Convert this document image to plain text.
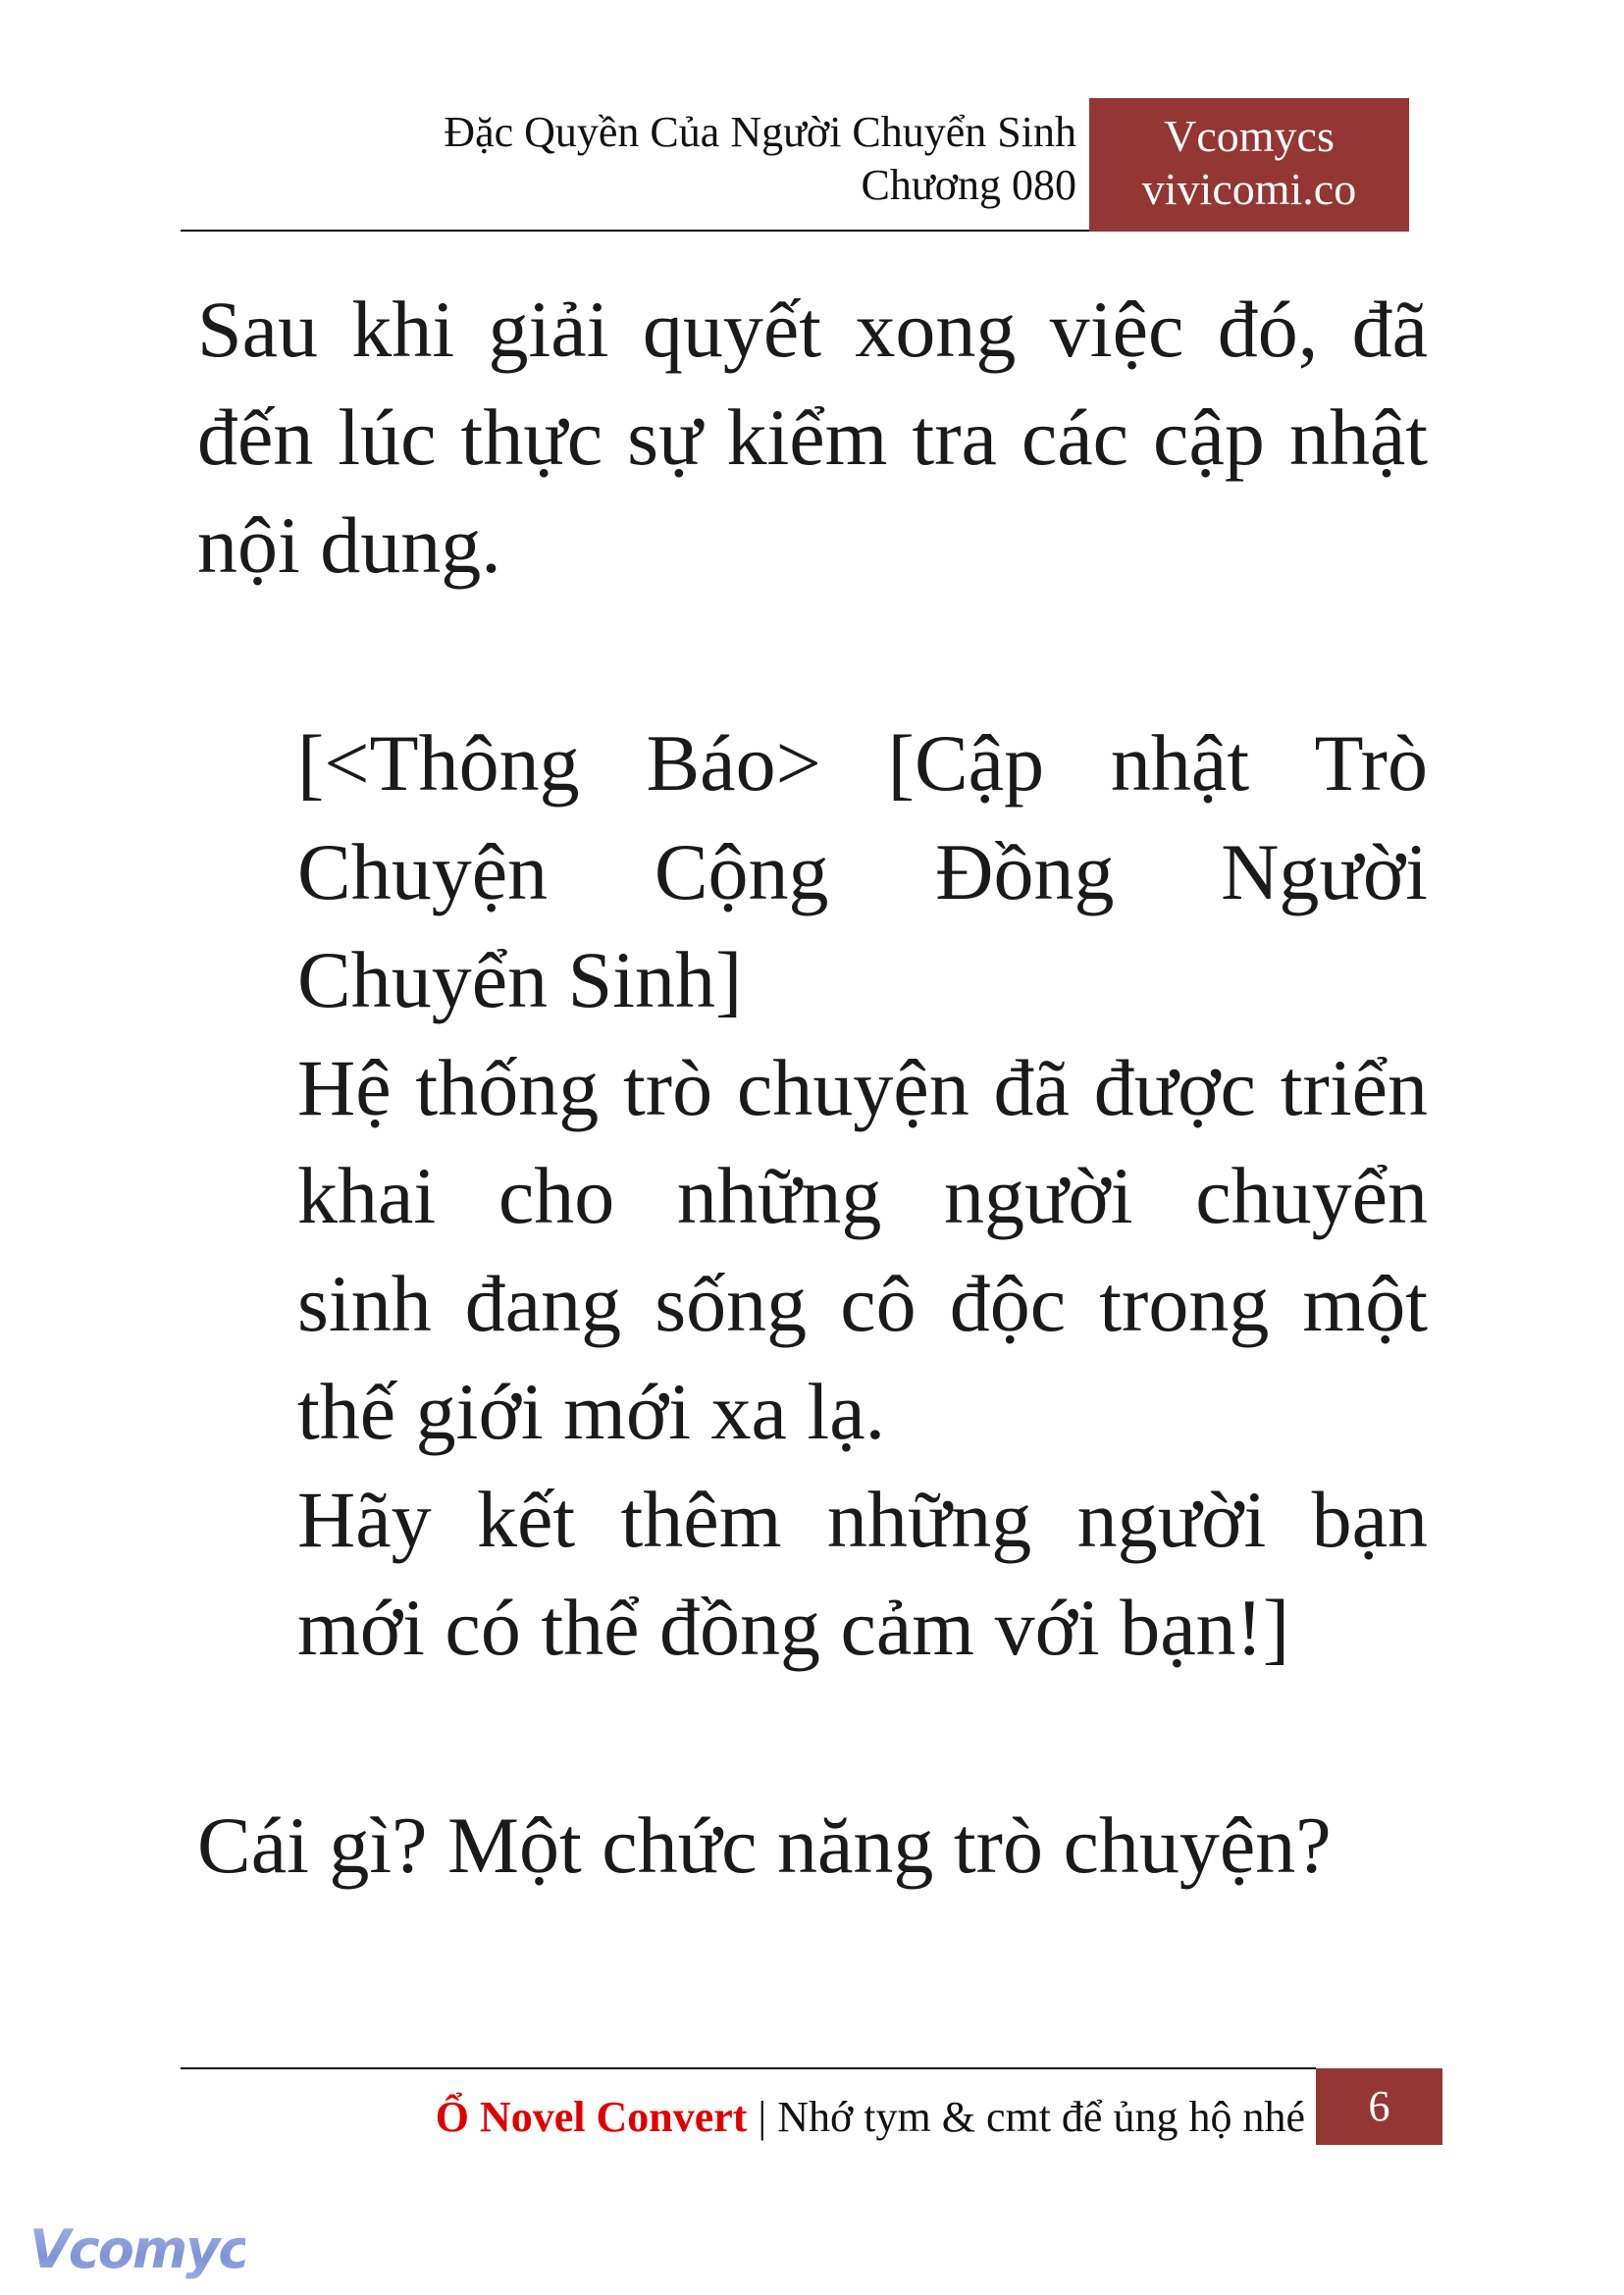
Đặc Quyền Của Người Chuyển Sinh
Chương 080
Vcomycs
vivicomi.co
Sau khi giải quyết xong việc đó, đã
đến lúc thực sự kiểm tra các cập nhật
nội dung.
[<Thông Báo> [Cập nhật Trò
Chuyện Cộng Đồng Người
Chuyển Sinh]
Hệ thống trò chuyện đã được triển
khai cho những người chuyển
sinh đang sống cô độc trong một
thế giới mới xa lạ.
Hãy kết thêm những người bạn
mới có thể đồng cảm với bạn!]
Cái gì? Một chức năng trò chuyện?
Ổ Novel Convert | Nhớ tym & cmt để ủng hộ nhé	6
Vcomycs
